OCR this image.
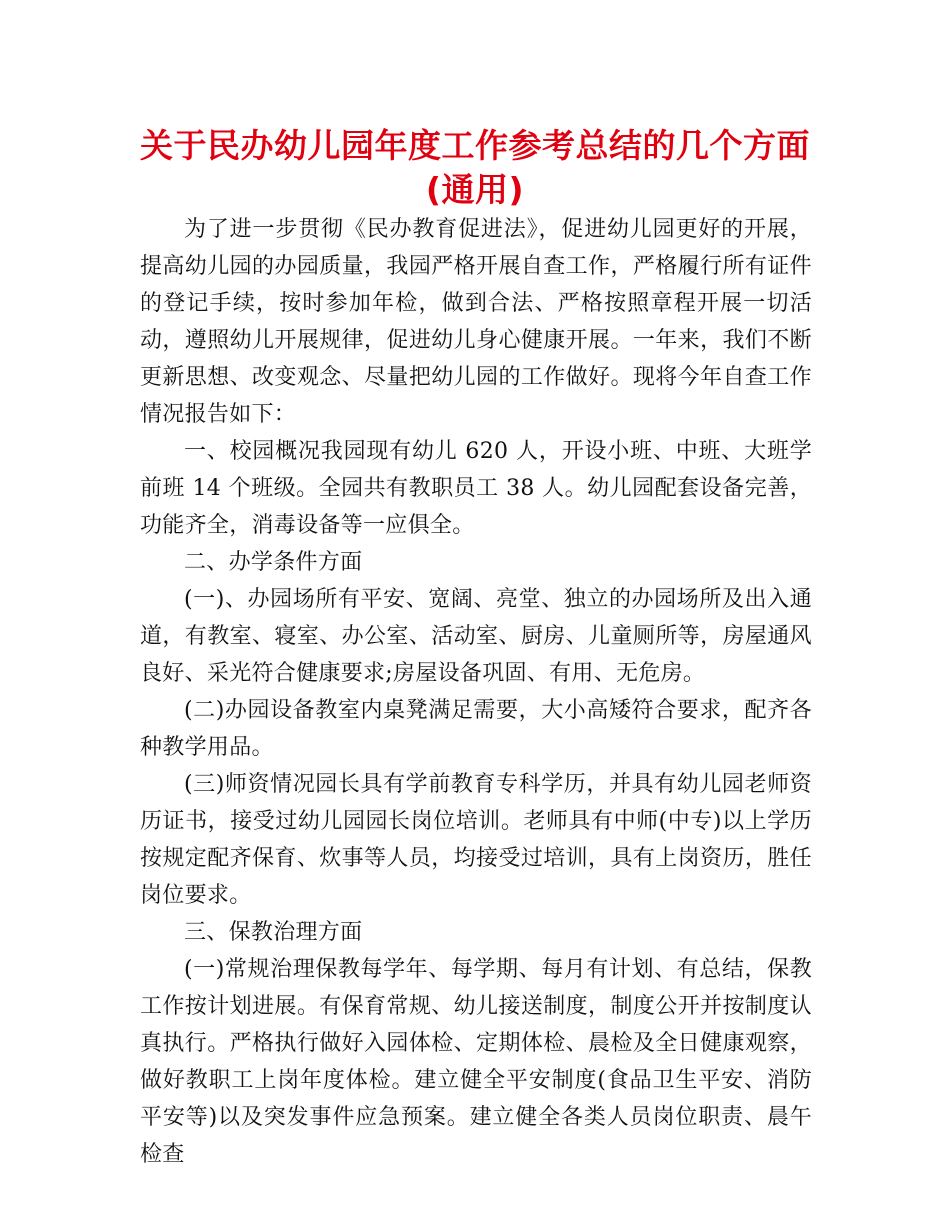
关于民办幼儿园年度工作参考总结的几个方面
(通用)

为了进一步贯彻《民办教育促进法》，促进幼儿园更好的开展，提高幼儿园的办园质量，我园严格开展自查工作，严格履行所有证件的登记手续，按时参加年检，做到合法、严格按照章程开展一切活动，遵照幼儿开展规律，促进幼儿身心健康开展。一年来，我们不断更新思想、改变观念、尽量把幼儿园的工作做好。现将今年自查工作情况报告如下：

一、校园概况我园现有幼儿 620 人，开设小班、中班、大班学前班 14 个班级。全园共有教职员工 38 人。幼儿园配套设备完善，功能齐全，消毒设备等一应俱全。

二、办学条件方面

(一)、办园场所有平安、宽阔、亮堂、独立的办园场所及出入通道，有教室、寝室、办公室、活动室、厨房、儿童厕所等，房屋通风良好、采光符合健康要求;房屋设备巩固、有用、无危房。

(二)办园设备教室内桌凳满足需要，大小高矮符合要求，配齐各种教学用品。

(三)师资情况园长具有学前教育专科学历，并具有幼儿园老师资历证书，接受过幼儿园园长岗位培训。老师具有中师(中专)以上学历按规定配齐保育、炊事等人员，均接受过培训，具有上岗资历，胜任岗位要求。

三、保教治理方面

(一)常规治理保教每学年、每学期、每月有计划、有总结，保教工作按计划进展。有保育常规、幼儿接送制度，制度公开并按制度认真执行。严格执行做好入园体检、定期体检、晨检及全日健康观察，做好教职工上岗年度体检。建立健全平安制度(食品卫生平安、消防平安等)以及突发事件应急预案。建立健全各类人员岗位职责、晨午检查
